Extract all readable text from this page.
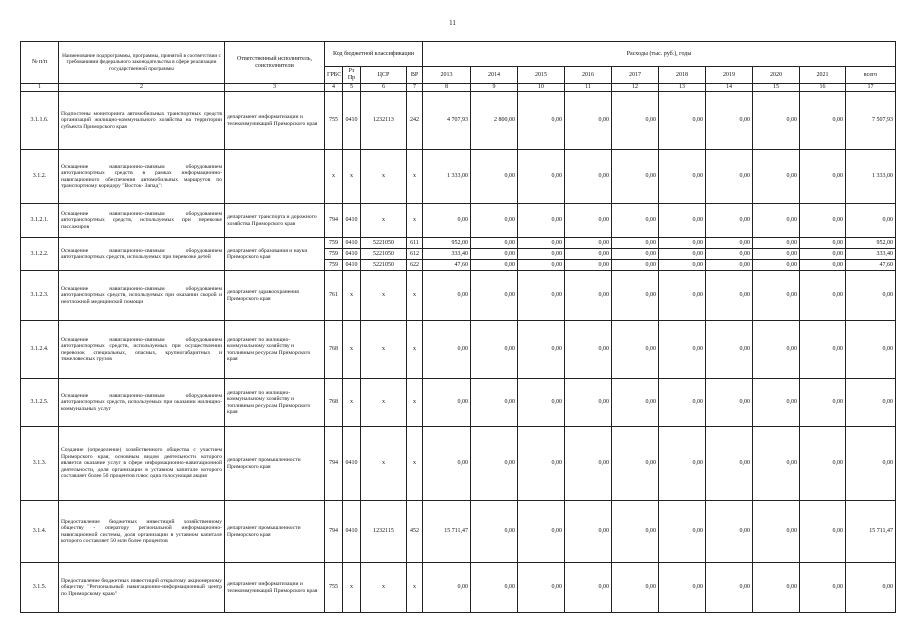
11
№ п/п	Наименование подпрограммы, программы, принятой в соответствии с требованиями федерального законодательства в сфере реализации государственной программы	Ответственный исполнитель, соисполнители	Код бюджетной классификации				Расходы (тыс. руб.), годы									
			ГРБС	Рз Пр	ЦСР	ВР	2013	2014	2015	2016	2017	2018	2019	2020	2021	всего
1	2	3	4	5	6	7	8	9	10	11	12	13	14	15	16	17
3.1.1.6.	Подпостены мониторинга автомобильных транспортных средств организаций жилищно-коммунального хозяйства на территории субъекта Приморского края	департамент информатизации и телекоммуникаций Приморского края	755	0410	1232113	242	4 707,93	2 800,00	0,00	0,00	0,00	0,00	0,00	0,00	0,00	7 507,93
3.1.2.	Оснащение навигационно-связным оборудованием автотранспортных средств в рамках информационно- навигационного обеспечения автомобильных маршрутов по транспортному коридору "Восток- Запад":		х	х	х	х	1 333,00	0,00	0,00	0,00	0,00	0,00	0,00	0,00	0,00	1 333,00
3.1.2.1.	Оснащение навигационно-связным оборудованием автотранспортных средств, используемых при перевозке пассажиров	департамент транспорта и дорожного хозяйства Приморского края	794	0410	х	х	0,00	0,00	0,00	0,00	0,00	0,00	0,00	0,00	0,00	0,00
3.1.2.2.	Оснащение навигационно-связным оборудованием автотранспортных средств, используемых при перевозке детей	департамент образования и науки Приморского края	759	0410	5221050	611	952,00	0,00	0,00	0,00	0,00	0,00	0,00	0,00	0,00	952,00
			759	0410	5221050	612	333,40	0,00	0,00	0,00	0,00	0,00	0,00	0,00	0,00	333,40
			759	0410	5221050	622	47,60	0,00	0,00	0,00	0,00	0,00	0,00	0,00	0,00	47,60
3.1.2.3.	Оснащение навигационно-связным оборудованием автотранспортных средств, используемых при оказании скорой и неотложной медицинской помощи	департамент здравоохранения Приморского края	761	х	х	х	0,00	0,00	0,00	0,00	0,00	0,00	0,00	0,00	0,00	0,00
3.1.2.4.	Оснащение навигационно-связным оборудованием автотранспортных средств, используемых при осуществлении перевозок специальных, опасных, крупногабаритных и тяжеловесных грузов	департамент по жилищно-коммунальному хозяйству и топливным ресурсам Приморского края	768	х	х	х	0,00	0,00	0,00	0,00	0,00	0,00	0,00	0,00	0,00	0,00
3.1.2.5.	Оснащение навигационно-связным оборудованием автотранспортных средств, используемых при оказании жилищно-коммунальных услуг	департамент по жилищно-коммунальному хозяйству и топливным ресурсам Приморского края	768	х	х	х	0,00	0,00	0,00	0,00	0,00	0,00	0,00	0,00	0,00	0,00
3.1.3.	Создание (определение) хозяйственного общества с участием Приморского края, основным видом деятельности которого является оказание услуг в сфере информационно-навигационной деятельности, доля организации в уставном капитале которого составляет более 50 процентов плюс одна голосующая акция	департамент промышленности Приморского края	794	0410	х	х	0,00	0,00	0,00	0,00	0,00	0,00	0,00	0,00	0,00	0,00
3.1.4.	Предоставление бюджетных инвестиций хозяйственному обществу - оператору региональной информационно-навигационной системы, доля организации в уставном капитале которого составляет 50 млн более процентов	департамент промышленности Приморского края	794	0410	1232115	452	15 711,47	0,00	0,00	0,00	0,00	0,00	0,00	0,00	0,00	15 711,47
3.1.5.	Предоставление бюджетных инвестиций открытому акционерному обществу "Региональный навигационно-информационный центр по Приморскому краю"	департамент информатизации и телекоммуникаций Приморского края	755	х	х	х	0,00	0,00	0,00	0,00	0,00	0,00	0,00	0,00	0,00	0,00
